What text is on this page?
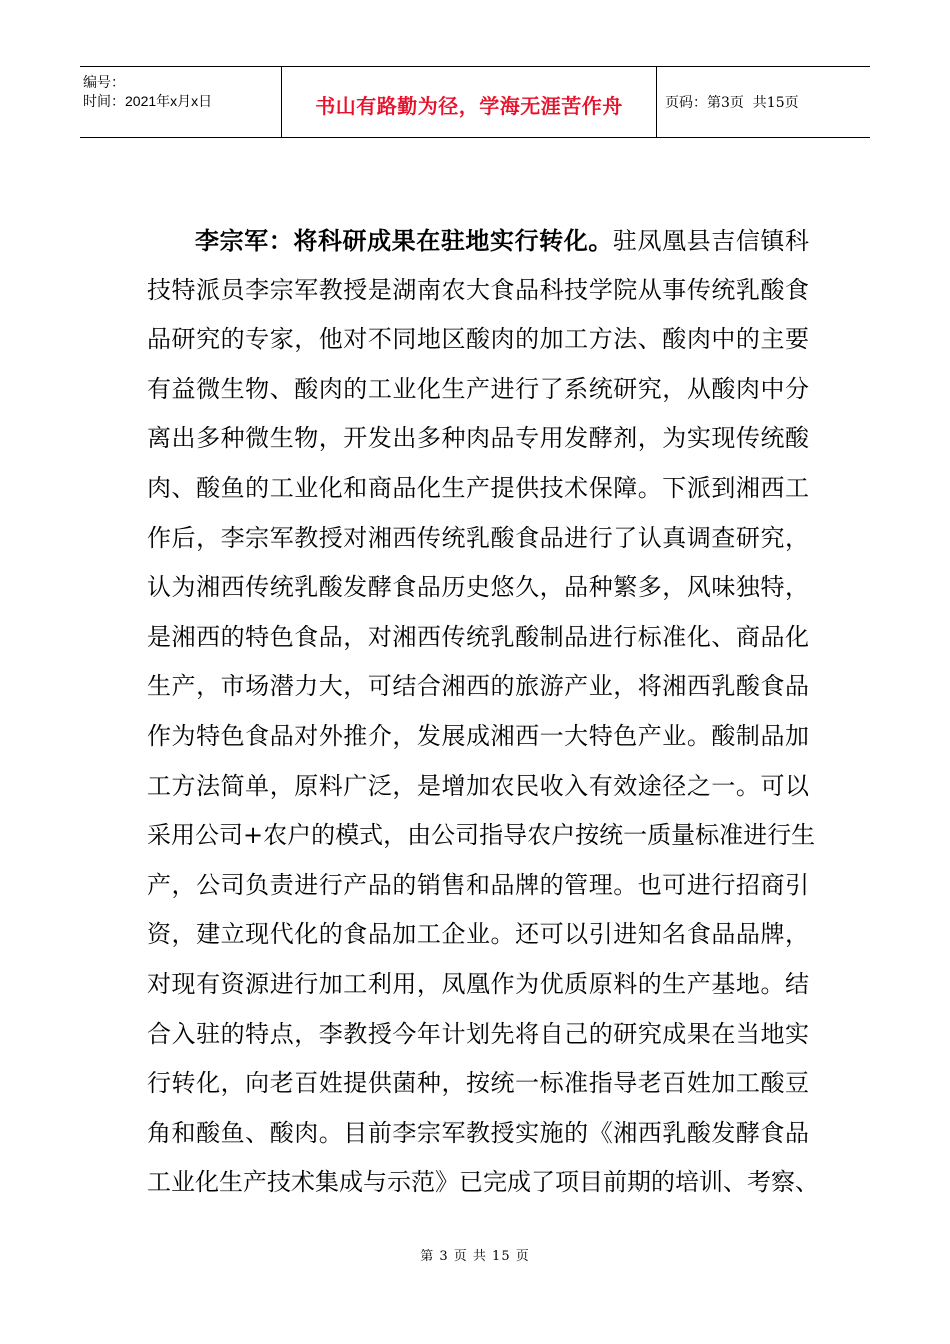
编号：
时间：2021年x月x日	书山有路勤为径，学海无涯苦作舟	页码：第3页  共15页
李宗军：将科研成果在驻地实行转化。驻凤凰县吉信镇科
技特派员李宗军教授是湖南农大食品科技学院从事传统乳酸食
品研究的专家，他对不同地区酸肉的加工方法、酸肉中的主要
有益微生物、酸肉的工业化生产进行了系统研究，从酸肉中分
离出多种微生物，开发出多种肉品专用发酵剂，为实现传统酸
肉、酸鱼的工业化和商品化生产提供技术保障。下派到湘西工
作后，李宗军教授对湘西传统乳酸食品进行了认真调查研究，
认为湘西传统乳酸发酵食品历史悠久，品种繁多，风味独特，
是湘西的特色食品，对湘西传统乳酸制品进行标准化、商品化
生产，市场潜力大，可结合湘西的旅游产业，将湘西乳酸食品
作为特色食品对外推介，发展成湘西一大特色产业。酸制品加
工方法简单，原料广泛，是增加农民收入有效途径之一。可以
采用公司+农户的模式，由公司指导农户按统一质量标准进行生
产，公司负责进行产品的销售和品牌的管理。也可进行招商引
资，建立现代化的食品加工企业。还可以引进知名食品品牌，
对现有资源进行加工利用，凤凰作为优质原料的生产基地。结
合入驻的特点，李教授今年计划先将自己的研究成果在当地实
行转化，向老百姓提供菌种，按统一标准指导老百姓加工酸豆
角和酸鱼、酸肉。目前李宗军教授实施的《湘西乳酸发酵食品
工业化生产技术集成与示范》已完成了项目前期的培训、考察、
第 3 页 共 15 页
